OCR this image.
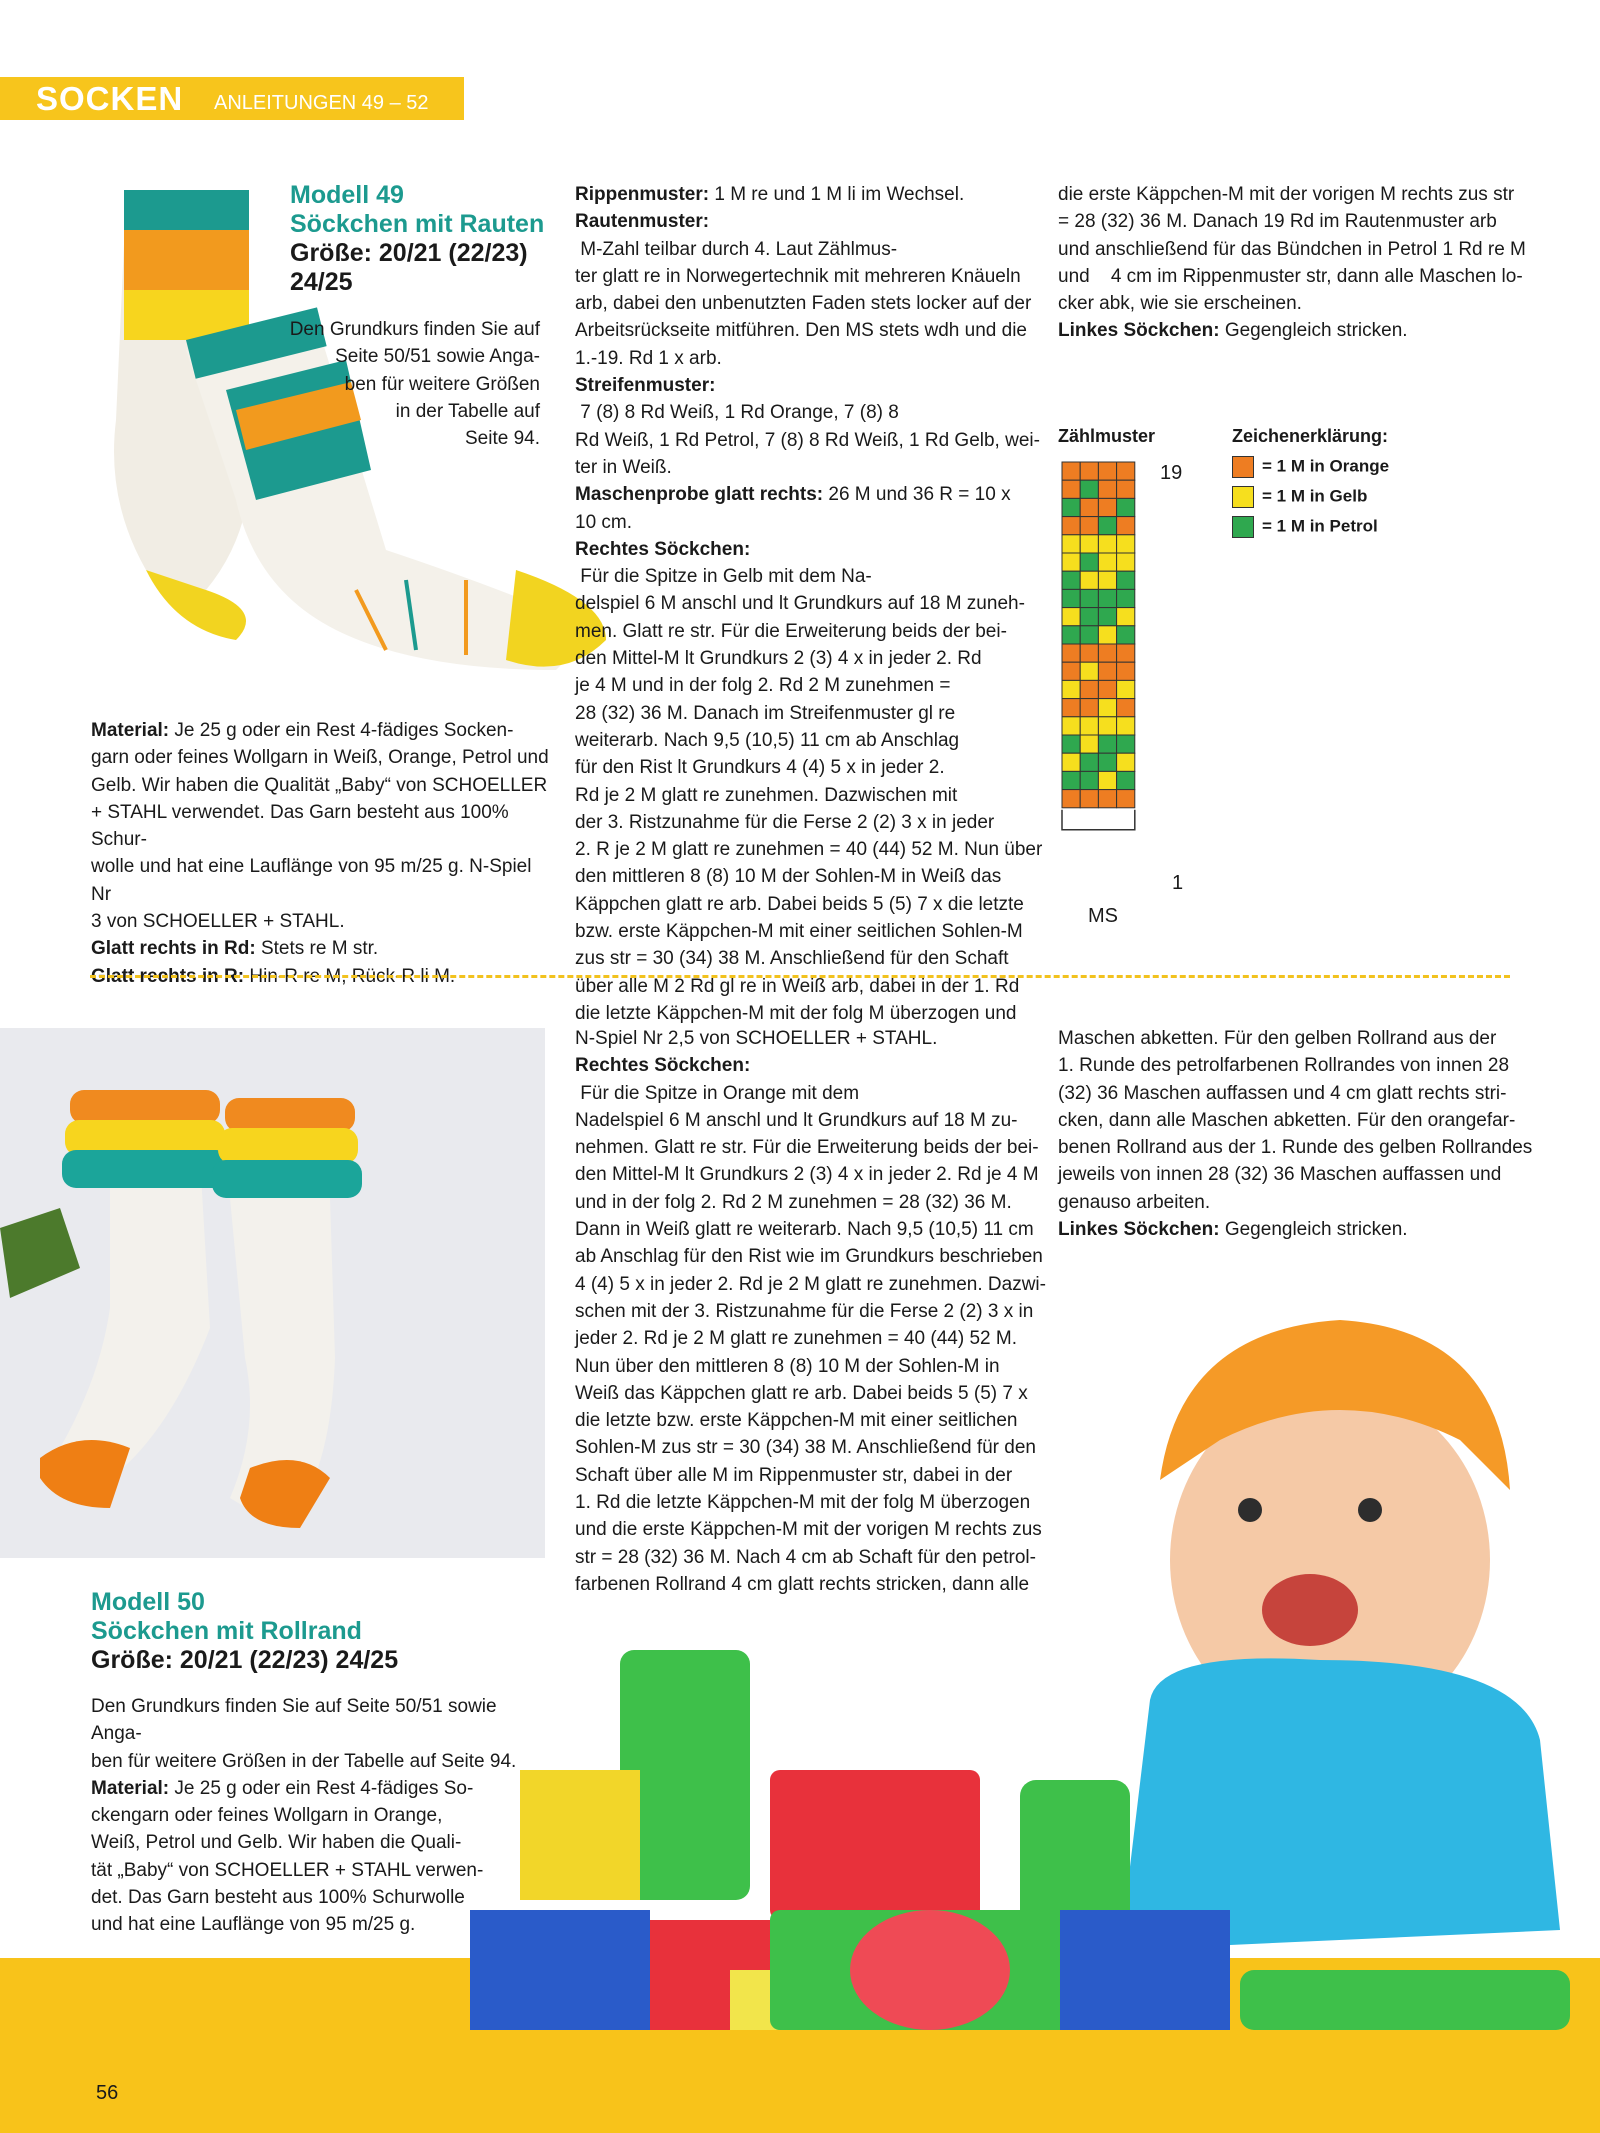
SOCKEN ANLEITUNGEN 49 – 52
Modell 49
Söckchen mit Rauten
Größe: 20/21 (22/23)
24/25

Den Grundkurs finden Sie auf

Seite 50/51 sowie Anga-

ben für weitere Größen

in der Tabelle auf

Seite 94.

Material: Je 25 g oder ein Rest 4-fädiges Socken-

garn oder feines Wollgarn in Weiß, Orange, Petrol und

Gelb. Wir haben die Qualität „Baby“ von SCHOELLER

+ STAHL verwendet. Das Garn besteht aus 100% Schur-

wolle und hat eine Lauflänge von 95 m/25 g. N-Spiel Nr

3 von SCHOELLER + STAHL.

Glatt rechts in Rd: Stets re M str.

Glatt rechts in R: Hin-R re M, Rück-R li M.

Rippenmuster: 1 M re und 1 M li im Wechsel.

Rautenmuster: M-Zahl teilbar durch 4. Laut Zählmus-

ter glatt re in Norwegertechnik mit mehreren Knäueln

arb, dabei den unbenutzten Faden stets locker auf der

Arbeitsrückseite mitführen. Den MS stets wdh und die

1.-19. Rd 1 x arb.

Streifenmuster: 7 (8) 8 Rd Weiß, 1 Rd Orange, 7 (8) 8

Rd Weiß, 1 Rd Petrol, 7 (8) 8 Rd Weiß, 1 Rd Gelb, wei-

ter in Weiß.

Maschenprobe glatt rechts: 26 M und 36 R = 10 x

10 cm.

Rechtes Söckchen: Für die Spitze in Gelb mit dem Na-

delspiel 6 M anschl und lt Grundkurs auf 18 M zuneh-

men. Glatt re str. Für die Erweiterung beids der bei-

den Mittel-M lt Grundkurs 2 (3) 4 x in jeder 2. Rd

je 4 M und in der folg 2. Rd 2 M zunehmen =

28 (32) 36 M. Danach im Streifenmuster gl re

weiterarb. Nach 9,5 (10,5) 11 cm ab Anschlag

für den Rist lt Grundkurs 4 (4) 5 x in jeder 2.

Rd je 2 M glatt re zunehmen. Dazwischen mit

der 3. Ristzunahme für die Ferse 2 (2) 3 x in jeder

2. R je 2 M glatt re zunehmen = 40 (44) 52 M. Nun über

den mittleren 8 (8) 10 M der Sohlen-M in Weiß das

Käppchen glatt re arb. Dabei beids 5 (5) 7 x die letzte

bzw. erste Käppchen-M mit einer seitlichen Sohlen-M

zus str = 30 (34) 38 M. Anschließend für den Schaft

über alle M 2 Rd gl re in Weiß arb, dabei in der 1. Rd

die letzte Käppchen-M mit der folg M überzogen und

die erste Käppchen-M mit der vorigen M rechts zus str

= 28 (32) 36 M. Danach 19 Rd im Rautenmuster arb

und anschließend für das Bündchen in Petrol 1 Rd re M

und    4 cm im Rippenmuster str, dann alle Maschen lo-

cker abk, wie sie erscheinen.

Linkes Söckchen: Gegengleich stricken.

Zählmuster
19
1
MS
Zeichenerklärung:
= 1 M in Orange
= 1 M in Gelb
= 1 M in Petrol
Modell 50
Söckchen mit Rollrand
Größe: 20/21 (22/23) 24/25

Den Grundkurs finden Sie auf Seite 50/51 sowie Anga-

ben für weitere Größen in der Tabelle auf Seite 94.

Material: Je 25 g oder ein Rest 4-fädiges So-

ckengarn oder feines Wollgarn in Orange,

Weiß, Petrol und Gelb. Wir haben die Quali-

tät „Baby“ von SCHOELLER + STAHL verwen-

det. Das Garn besteht aus 100% Schurwolle

und hat eine Lauflänge von 95 m/25 g.

N-Spiel Nr 2,5 von SCHOELLER + STAHL.

Rechtes Söckchen: Für die Spitze in Orange mit dem

Nadelspiel 6 M anschl und lt Grundkurs auf 18 M zu-

nehmen. Glatt re str. Für die Erweiterung beids der bei-

den Mittel-M lt Grundkurs 2 (3) 4 x in jeder 2. Rd je 4 M

und in der folg 2. Rd 2 M zunehmen = 28 (32) 36 M.

Dann in Weiß glatt re weiterarb. Nach 9,5 (10,5) 11 cm

ab Anschlag für den Rist wie im Grundkurs beschrieben

4 (4) 5 x in jeder 2. Rd je 2 M glatt re zunehmen. Dazwi-

schen mit der 3. Ristzunahme für die Ferse 2 (2) 3 x in

jeder 2. Rd je 2 M glatt re zunehmen = 40 (44) 52 M.

Nun über den mittleren 8 (8) 10 M der Sohlen-M in

Weiß das Käppchen glatt re arb. Dabei beids 5 (5) 7 x

die letzte bzw. erste Käppchen-M mit einer seitlichen

Sohlen-M zus str = 30 (34) 38 M. Anschließend für den

Schaft über alle M im Rippenmuster str, dabei in der

1. Rd die letzte Käppchen-M mit der folg M überzogen

und die erste Käppchen-M mit der vorigen M rechts zus

str = 28 (32) 36 M. Nach 4 cm ab Schaft für den petrol-

farbenen Rollrand 4 cm glatt rechts stricken, dann alle

Maschen abketten. Für den gelben Rollrand aus der

1. Runde des petrolfarbenen Rollrandes von innen 28

(32) 36 Maschen auffassen und 4 cm glatt rechts stri-

cken, dann alle Maschen abketten. Für den orangefar-

benen Rollrand aus der 1. Runde des gelben Rollrandes

jeweils von innen 28 (32) 36 Maschen auffassen und

genauso arbeiten.

Linkes Söckchen: Gegengleich stricken.

56
